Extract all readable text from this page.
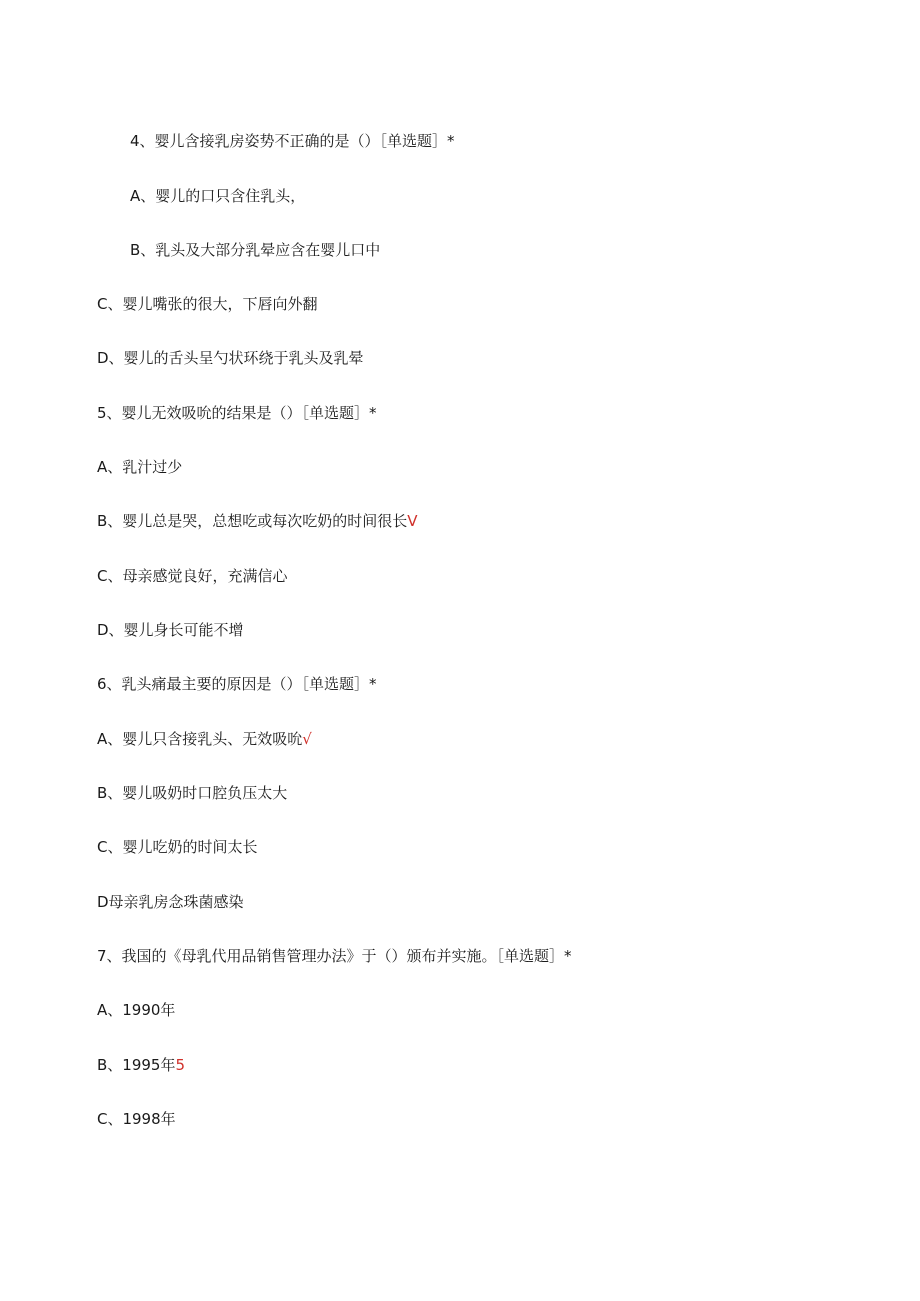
4、婴儿含接乳房姿势不正确的是（）［单选题］*
A、婴儿的口只含住乳头，
B、乳头及大部分乳晕应含在婴儿口中
C、婴儿嘴张的很大，下唇向外翻
D、婴儿的舌头呈勺状环绕于乳头及乳晕
5、婴儿无效吸吮的结果是（）［单选题］*
A、乳汁过少
B、婴儿总是哭，总想吃或每次吃奶的时间很长V
C、母亲感觉良好，充满信心
D、婴儿身长可能不增
6、乳头痛最主要的原因是（）［单选题］*
A、婴儿只含接乳头、无效吸吮√
B、婴儿吸奶时口腔负压太大
C、婴儿吃奶的时间太长
D母亲乳房念珠菌感染
7、我国的《母乳代用品销售管理办法》于（）颁布并实施。［单选题］*
A、1990年
B、1995年5
C、1998年
